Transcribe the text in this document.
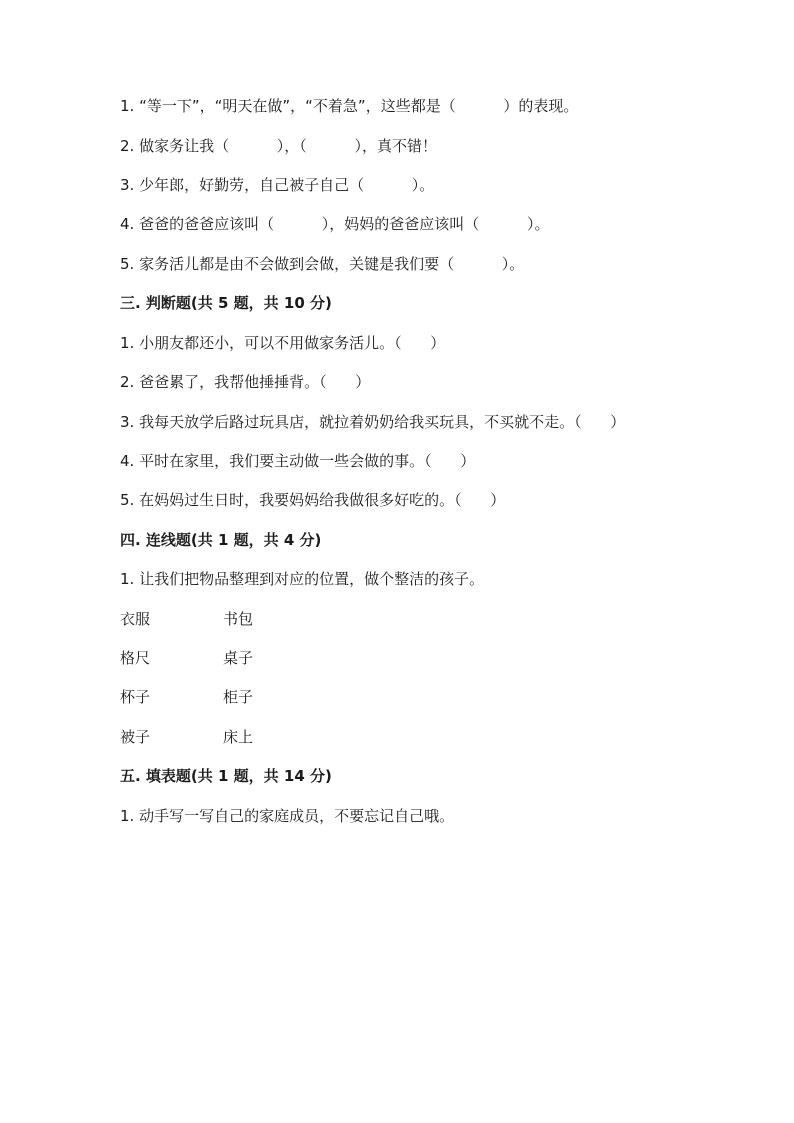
1. “等一下”，“明天在做”，“不着急”，这些都是（          ）的表现。
2. 做家务让我（          ），（          ），真不错！
3. 少年郎，好勤劳，自己被子自己（          ）。
4. 爸爸的爸爸应该叫（          ），妈妈的爸爸应该叫（          ）。
5. 家务活儿都是由不会做到会做，关键是我们要（          ）。
三. 判断题(共 5 题，共 10 分)
1. 小朋友都还小，可以不用做家务活儿。（      ）
2. 爸爸累了，我帮他捶捶背。（      ）
3. 我每天放学后路过玩具店，就拉着奶奶给我买玩具，不买就不走。（      ）
4. 平时在家里，我们要主动做一些会做的事。（      ）
5. 在妈妈过生日时，我要妈妈给我做很多好吃的。（      ）
四. 连线题(共 1 题，共 4 分)
1. 让我们把物品整理到对应的位置，做个整洁的孩子。
衣服	书包
格尺	桌子
杯子	柜子
被子	床上
五. 填表题(共 1 题，共 14 分)
1. 动手写一写自己的家庭成员，不要忘记自己哦。
